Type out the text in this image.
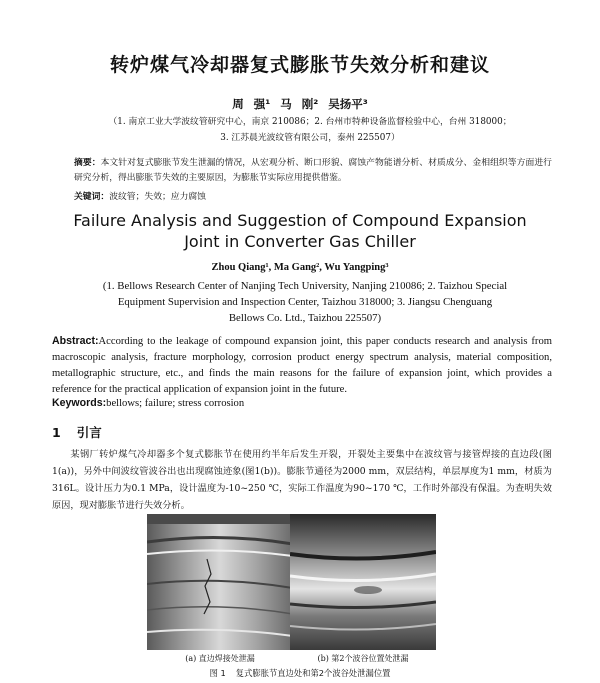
转炉煤气冷却器复式膨胀节失效分析和建议
周 强¹ 马 刚² 吴扬平³
（1. 南京工业大学波纹管研究中心，南京 210086；2. 台州市特种设备监督检验中心，台州 318000；
3. 江苏晨光波纹管有限公司，泰州 225507）
摘要：本文针对复式膨胀节发生泄漏的情况，从宏观分析、断口形貌、腐蚀产物能谱分析、材质成分、金相组织等方面进行研究分析，得出膨胀节失效的主要原因，为膨胀节实际应用提供借鉴。
关键词：波纹管；失效；应力腐蚀
Failure Analysis and Suggestion of Compound Expansion
Joint in Converter Gas Chiller
Zhou Qiang¹, Ma Gang², Wu Yangping³
(1. Bellows Research Center of Nanjing Tech University, Nanjing 210086; 2. Taizhou Special
Equipment Supervision and Inspection Center, Taizhou 318000; 3. Jiangsu Chenguang
Bellows Co. Ltd., Taizhou 225507)
Abstract:According to the leakage of compound expansion joint, this paper conducts research and analysis from macroscopic analysis, fracture morphology, corrosion product energy spectrum analysis, material composition, metallographic structure, etc., and finds the main reasons for the failure of expansion joint, which provides a reference for the practical application of expansion joint in the future.
Keywords:bellows; failure; stress corrosion
1 引言
某钢厂转炉煤气冷却器多个复式膨胀节在使用约半年后发生开裂，开裂处主要集中在波纹管与接管焊接的直边段(图1(a))，另外中间波纹管波谷出也出现腐蚀迹象(图1(b))。膨胀节通径为2000 mm，双层结构，单层厚度为1 mm，材质为316L。设计压力为0.1 MPa，设计温度为-10~250 ℃，实际工作温度为90~170 ℃，工作时外部没有保温。为查明失效原因，现对膨胀节进行失效分析。
(a) 直边焊接处泄漏	(b) 第2个波谷位置处泄漏
图 1 复式膨胀节直边处和第2个波谷处泄漏位置
